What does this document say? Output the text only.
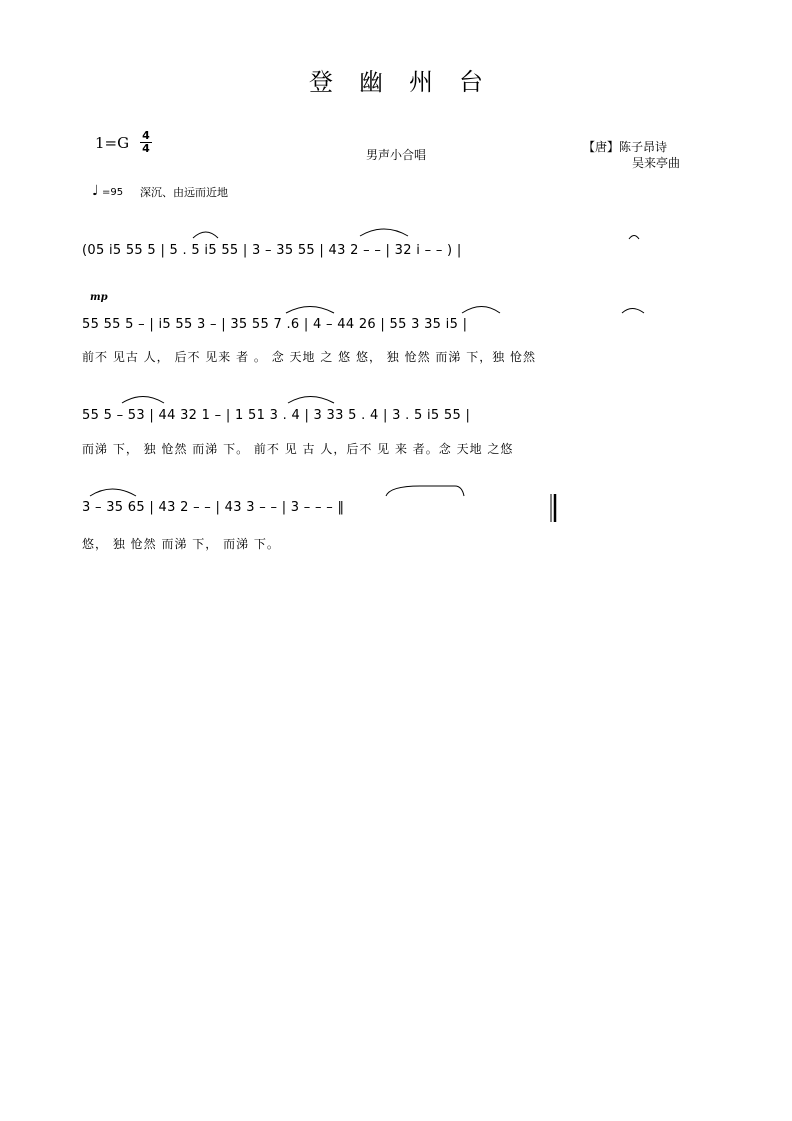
登幽州台
$1=G \frac{4}{4}$	男声小合唱
【唐】陈子昂诗
吴来亭曲
♩ =95 深沉、由远而近地
(05 i5 55 5 | 5 . 5 i5 55 | 3 – 35 55 | 43 2 – – | 32 i – – ) |
mp
55 55 5 – | i5 55 3 – | 35 55 7 .6 | 4 – 44 26 | 55 3 35 i5 |
前不 见古 人， 后不 见来 者 。 念 天地 之 悠 悠， 独 怆然 而涕 下，独 怆然
55 5 – 53 | 44 32 1 – | 1 51 3 . 4 | 3 33 5 . 4 | 3 . 5 i5 55 |
而涕 下， 独 怆然 而涕 下。 前不 见 古 人，后不 见 来 者。念 天地 之悠
3 – 35 65 | 43 2 – – | 43 3 – – | 3 – – – ‖
悠， 独 怆然 而涕 下， 而涕 下。
